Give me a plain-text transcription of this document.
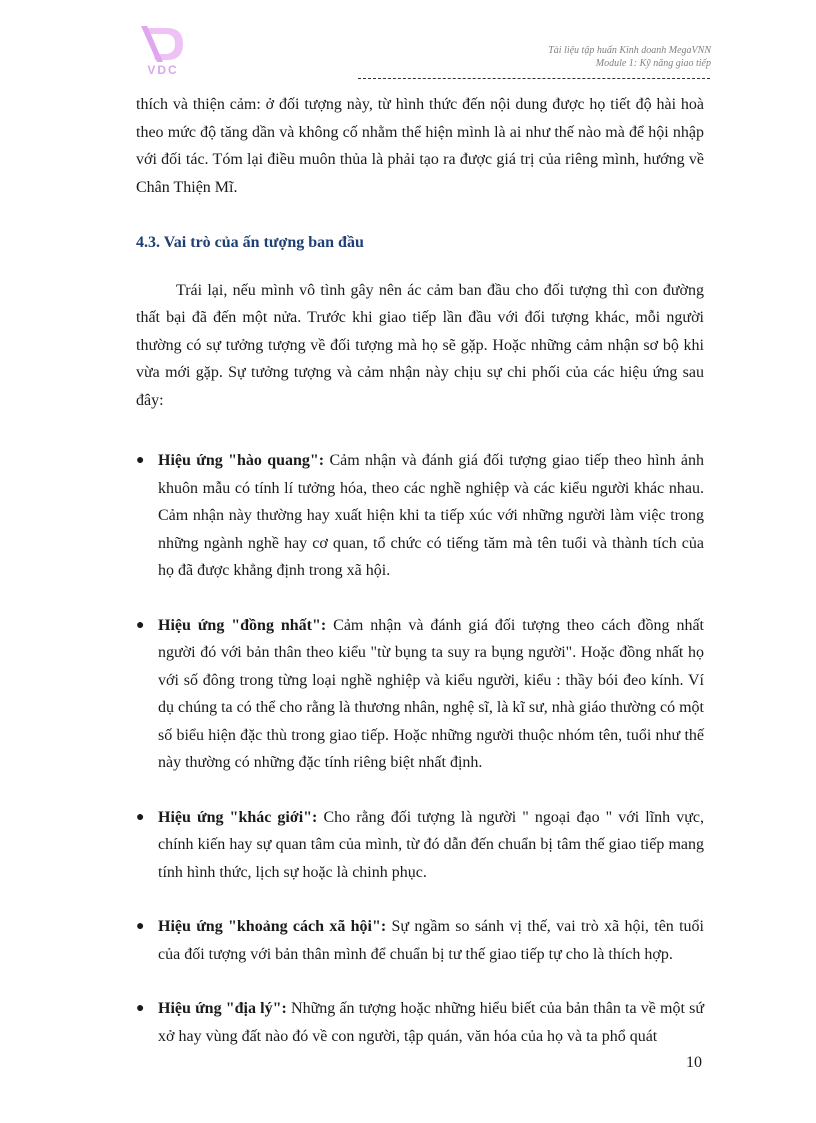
VDC
Tài liệu tập huấn Kinh doanh MegaVNN
Module 1: Kỹ năng giao tiếp

thích và thiện cảm: ở đối tượng này, từ hình thức đến nội dung được họ tiết độ hài hoà theo mức độ tăng dần và không cố nhằm thể hiện mình là ai như thế nào mà để hội nhập với đối tác. Tóm lại điều muôn thủa là phải tạo ra được giá trị của riêng mình, hướng về Chân Thiện Mĩ.

4.3. Vai trò của ấn tượng ban đầu

Trái lại, nếu mình vô tình gây nên ác cảm ban đầu cho đối tượng thì con đường thất bại đã đến một nửa. Trước khi giao tiếp lần đầu với đối tượng khác, mỗi người thường có sự tưởng tượng về đối tượng mà họ sẽ gặp. Hoặc những cảm nhận sơ bộ khi vừa mới gặp. Sự tưởng tượng và cảm nhận này chịu sự chi phối của các hiệu ứng sau đây:

● Hiệu ứng "hào quang": Cảm nhận và đánh giá đối tượng giao tiếp theo hình ảnh khuôn mẫu có tính lí tưởng hóa, theo các nghề nghiệp và các kiểu người khác nhau. Cảm nhận này thường hay xuất hiện khi ta tiếp xúc với những người làm việc trong những ngành nghề hay cơ quan, tổ chức có tiếng tăm mà tên tuổi và thành tích của họ đã được khẳng định trong xã hội.
● Hiệu ứng "đồng nhất": Cảm nhận và đánh giá đối tượng theo cách đồng nhất người đó với bản thân theo kiểu "từ bụng ta suy ra bụng người". Hoặc đồng nhất họ với số đông trong từng loại nghề nghiệp và kiểu người, kiểu : thầy bói đeo kính. Ví dụ chúng ta có thể cho rằng là thương nhân, nghệ sĩ, là kĩ sư, nhà giáo thường có một số biểu hiện đặc thù trong giao tiếp. Hoặc những người thuộc nhóm tên, tuổi như thế này thường có những đặc tính riêng biệt nhất định.
● Hiệu ứng "khác giới": Cho rằng đối tượng là người " ngoại đạo " với lĩnh vực, chính kiến hay sự quan tâm của mình, từ đó dẫn đến chuẩn bị tâm thế giao tiếp mang tính hình thức, lịch sự hoặc là chinh phục.
● Hiệu ứng "khoảng cách xã hội": Sự ngầm so sánh vị thế, vai trò xã hội, tên tuổi của đối tượng với bản thân mình để chuẩn bị tư thế giao tiếp tự cho là thích hợp.
● Hiệu ứng "địa lý": Những ấn tượng hoặc những hiểu biết của bản thân ta về một sứ xở hay vùng đất nào đó về con người, tập quán, văn hóa của họ và ta phổ quát
10
